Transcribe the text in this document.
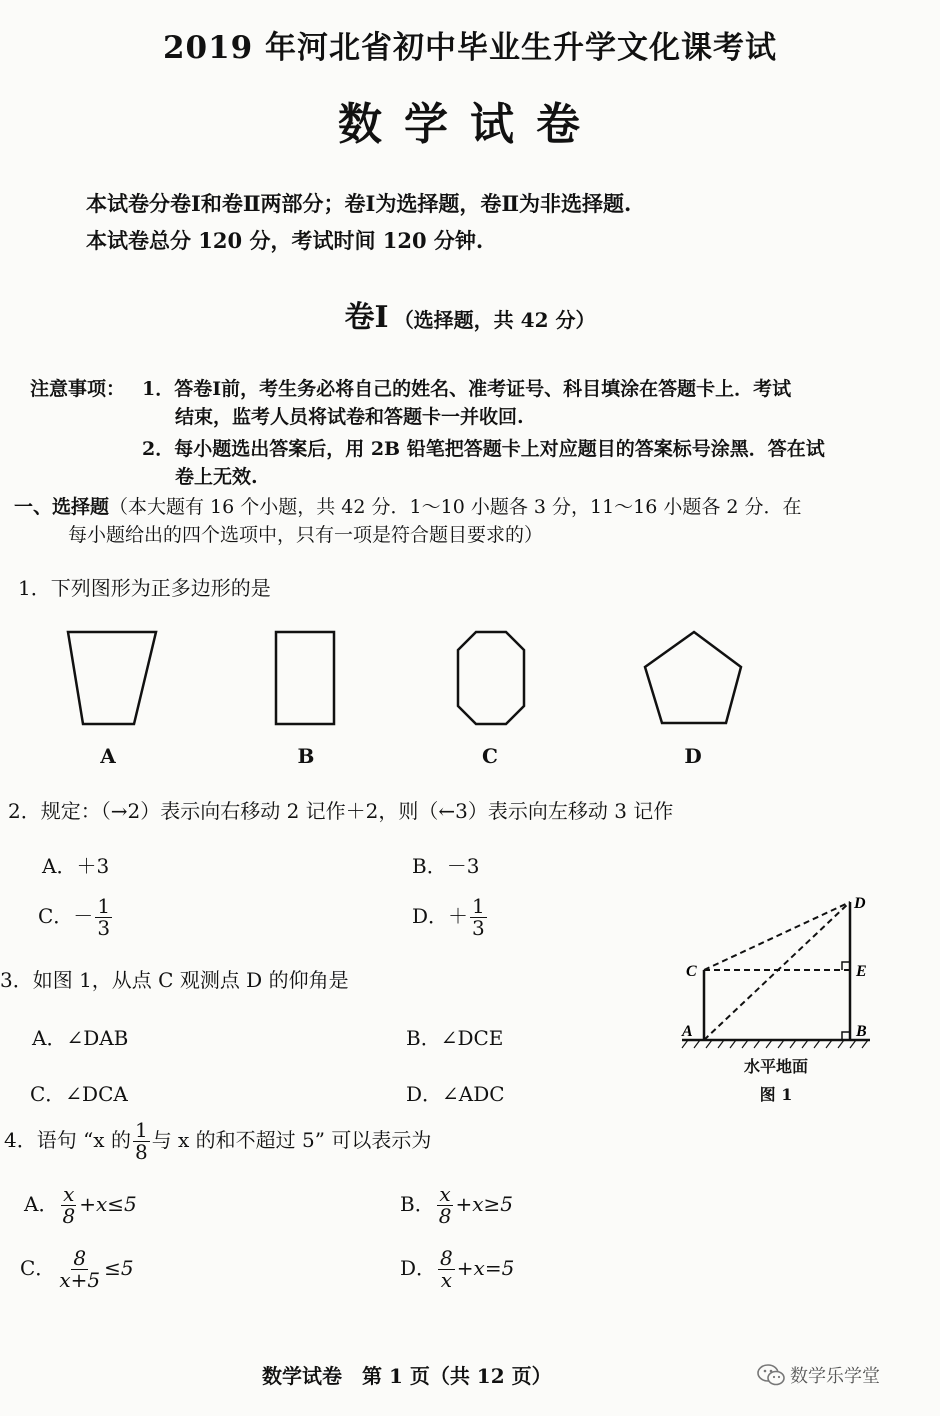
2019 年河北省初中毕业生升学文化课考试
数学试卷
本试卷分卷Ⅰ和卷Ⅱ两部分；卷Ⅰ为选择题，卷Ⅱ为非选择题.
本试卷总分 120 分，考试时间 120 分钟.
卷Ⅰ （选择题，共 42 分）
注意事项： 1．答卷Ⅰ前，考生务必将自己的姓名、准考证号、科目填涂在答题卡上．考试
结束，监考人员将试卷和答题卡一并收回.
2．每小题选出答案后，用 2B 铅笔把答题卡上对应题目的答案标号涂黑．答在试
卷上无效.
一、选择题（本大题有 16 个小题，共 42 分．1～10 小题各 3 分，11～16 小题各 2 分．在
每小题给出的四个选项中，只有一项是符合题目要求的）
1．下列图形为正多边形的是
A	B	C	D
2．规定：（→2）表示向右移动 2 记作＋2，则（←3）表示向左移动 3 记作
A．＋3	B．－3
C．－ $\frac{1}{3}$	D．＋ $\frac{1}{3}$
3．如图 1，从点 C 观测点 D 的仰角是
A．∠DAB	B．∠DCE
C．∠DCA	D．∠ADC
A	B
C
D
E
水平地面
图 1
4．语句 “x 的 $\frac{1}{8}$ 与 x 的和不超过 5” 可以表示为
A． $\frac{x}{8} +x\le 5$	B． $\frac{x}{8} +x\ge 5$
C． $\frac{8}{x+5} \le 5$	D． $\frac{8}{x} +x=5$
数学试卷　第 1 页（共 12 页）	数学乐学堂
